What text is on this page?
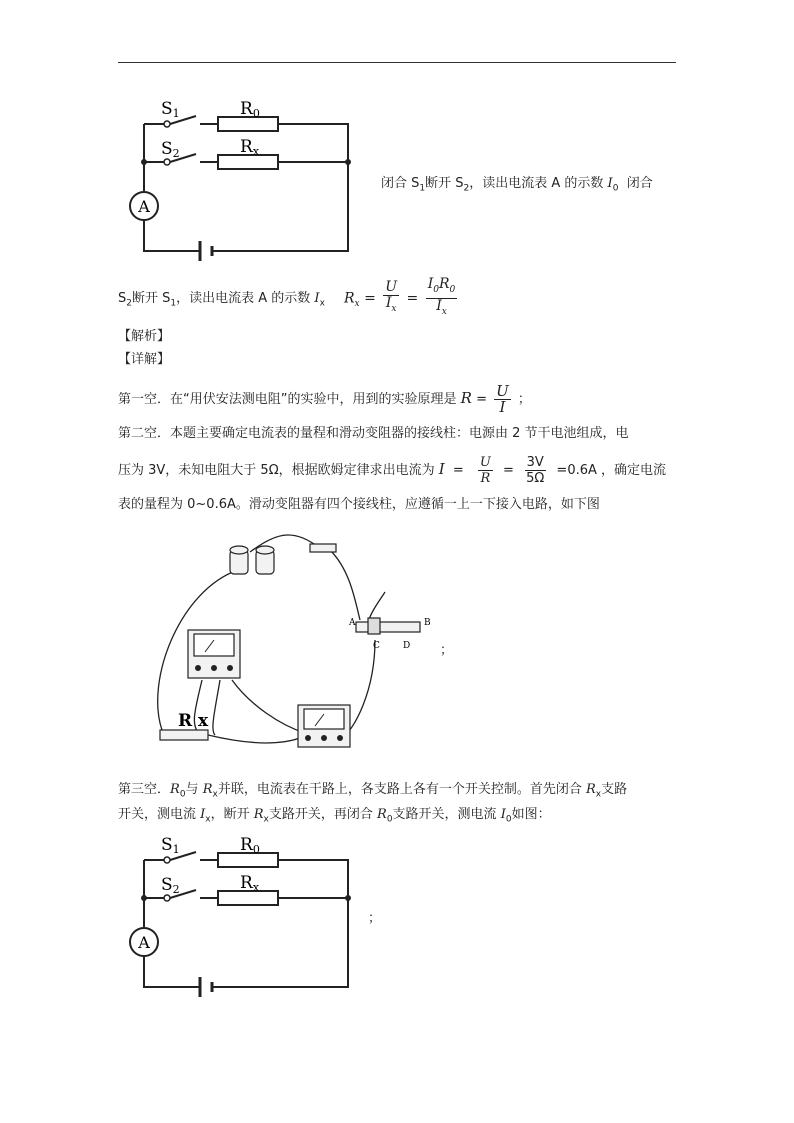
A
S1
S2
R0
Rx
闭合 $S_1$断开 $S_2$，读出电流表 A 的示数 $I_0$ 闭合
$S_2$断开 $S_1$，读出电流表 A 的示数 $I_x$ $R_x = \frac{U}{I_x} = \frac{I_0R_0}{I_x}$
【解析】
【详解】
第一空．在“用伏安法测电阻”的实验中，用到的实验原理是 $R = \frac{U}{I}$ ；
第二空．本题主要确定电流表的量程和滑动变阻器的接线柱：电源由 2 节干电池组成，电
压为 3V，未知电阻大于 5Ω，根据欧姆定律求出电流为 $I = \frac{U}{R} = \frac{3V}{5\Omega} =0.6A$ ，确定电流
表的量程为 0~0.6A。滑动变阻器有四个接线柱，应遵循一上一下接入电路，如下图
R x
A	B
C	D ；
第三空．$R_0$与 $R_x$并联，电流表在干路上，各支路上各有一个开关控制。首先闭合 $R_x$支路
开关，测电流 $I_x$，断开 $R_x$支路开关，再闭合 $R_0$支路开关，测电流 $I_0$如图：
A
S1
S2
R0
Rx
；
